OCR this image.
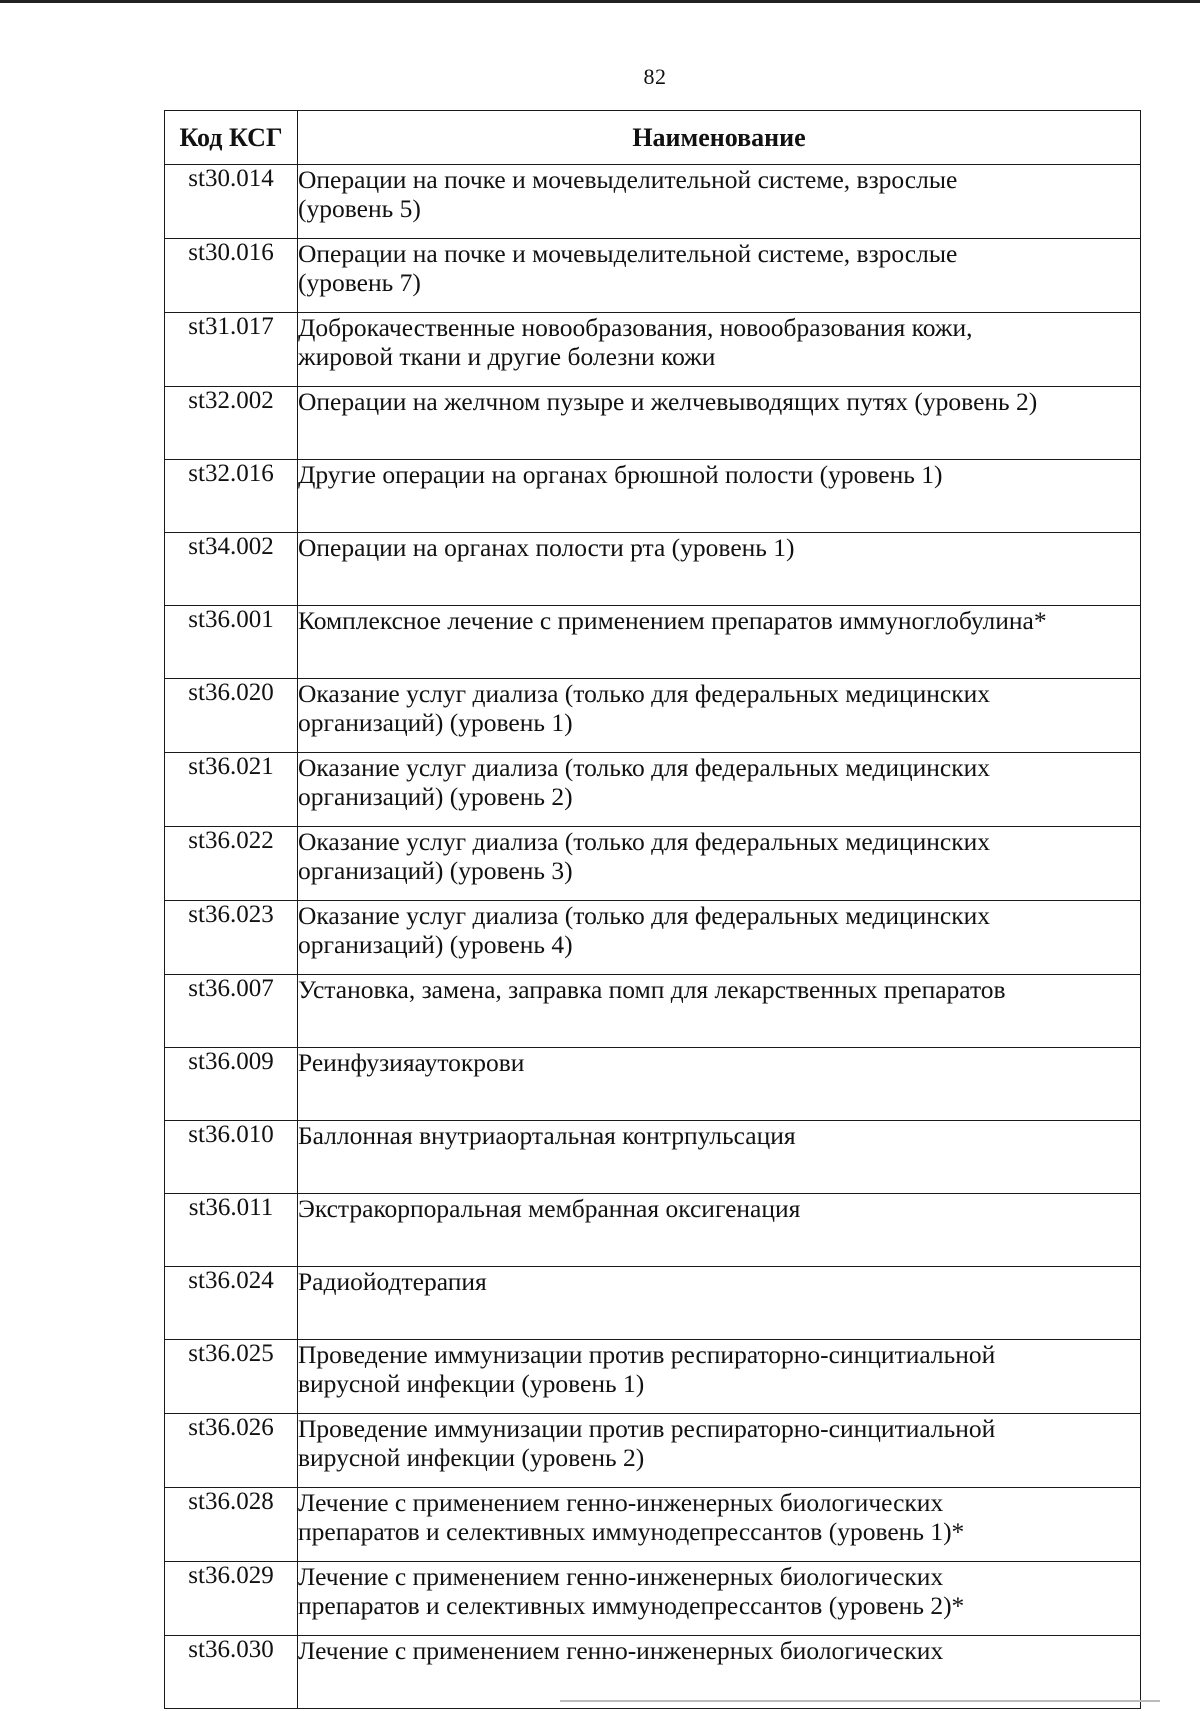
82
Код КСГ	Наименование
st30.014	Операции на почке и мочевыделительной системе, взрослые
(уровень 5)

st30.016	Операции на почке и мочевыделительной системе, взрослые
(уровень 7)

st31.017	Доброкачественные новообразования, новообразования кожи,
жировой ткани и другие болезни кожи

st32.002	Операции на желчном пузыре и желчевыводящих путях (уровень 2)

st32.016	Другие операции на органах брюшной полости (уровень 1)

st34.002	Операции на органах полости рта (уровень 1)

st36.001	Комплексное лечение с применением препаратов иммуноглобулина*

st36.020	Оказание услуг диализа (только для федеральных медицинских
организаций) (уровень 1)

st36.021	Оказание услуг диализа (только для федеральных медицинских
организаций) (уровень 2)

st36.022	Оказание услуг диализа (только для федеральных медицинских
организаций) (уровень 3)

st36.023	Оказание услуг диализа (только для федеральных медицинских
организаций) (уровень 4)

st36.007	Установка, замена, заправка помп для лекарственных препаратов

st36.009	Реинфузияаутокрови

st36.010	Баллонная внутриаортальная контрпульсация

st36.011	Экстракорпоральная мембранная оксигенация

st36.024	Радиойодтерапия

st36.025	Проведение иммунизации против респираторно-синцитиальной
вирусной инфекции (уровень 1)

st36.026	Проведение иммунизации против респираторно-синцитиальной
вирусной инфекции (уровень 2)

st36.028	Лечение с применением генно-инженерных биологических
препаратов и селективных иммунодепрессантов (уровень 1)*

st36.029	Лечение с применением генно-инженерных биологических
препаратов и селективных иммунодепрессантов (уровень 2)*

st36.030	Лечение с применением генно-инженерных биологических
